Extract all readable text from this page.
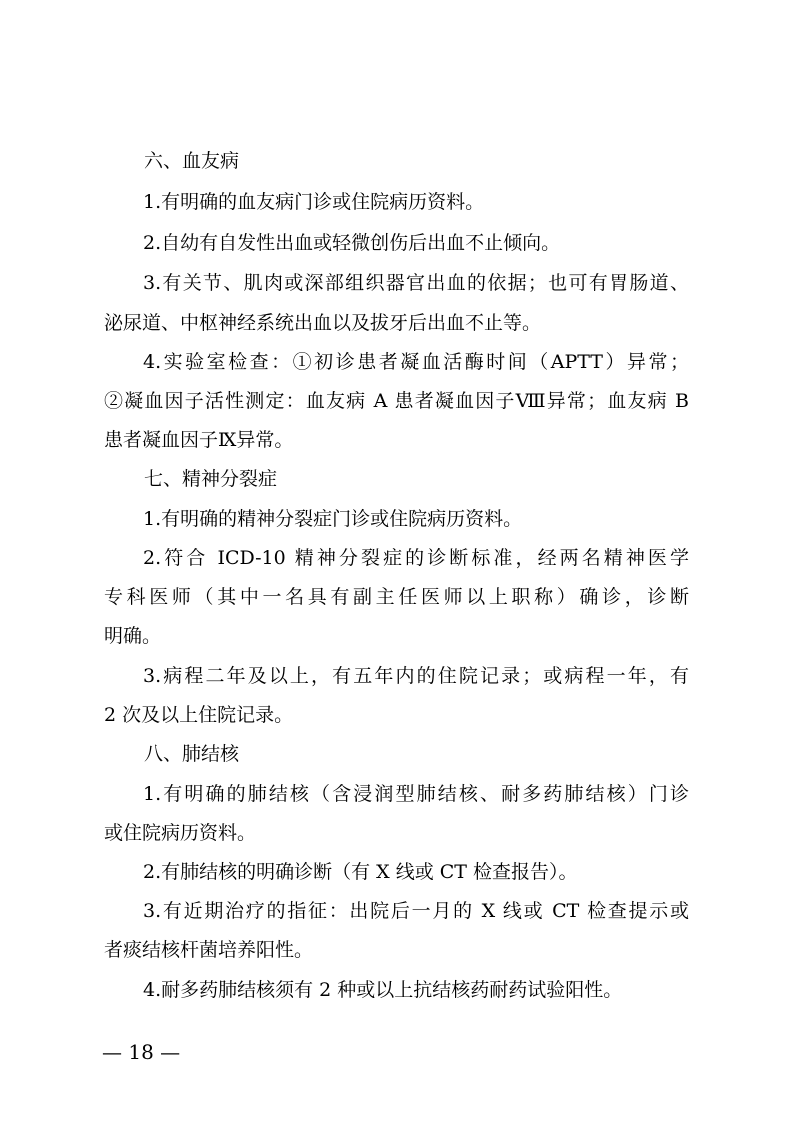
六、血友病
1.有明确的血友病门诊或住院病历资料。
2.自幼有自发性出血或轻微创伤后出血不止倾向。
3.有关节、肌肉或深部组织器官出血的依据；也可有胃肠道、
泌尿道、中枢神经系统出血以及拔牙后出血不止等。
4.实验室检查：①初诊患者凝血活酶时间（APTT）异常；
②凝血因子活性测定：血友病 A 患者凝血因子Ⅷ异常；血友病 B
患者凝血因子Ⅸ异常。
七、精神分裂症
1.有明确的精神分裂症门诊或住院病历资料。
2.符合 ICD-10 精神分裂症的诊断标准，经两名精神医学
专科医师（其中一名具有副主任医师以上职称）确诊，诊断
明确。
3.病程二年及以上，有五年内的住院记录；或病程一年，有
2 次及以上住院记录。
八、肺结核
1.有明确的肺结核（含浸润型肺结核、耐多药肺结核）门诊
或住院病历资料。
2.有肺结核的明确诊断（有 X 线或 CT 检查报告）。
3.有近期治疗的指征：出院后一月的 X 线或 CT 检查提示或
者痰结核杆菌培养阳性。
4.耐多药肺结核须有 2 种或以上抗结核药耐药试验阳性。
— 18 —
